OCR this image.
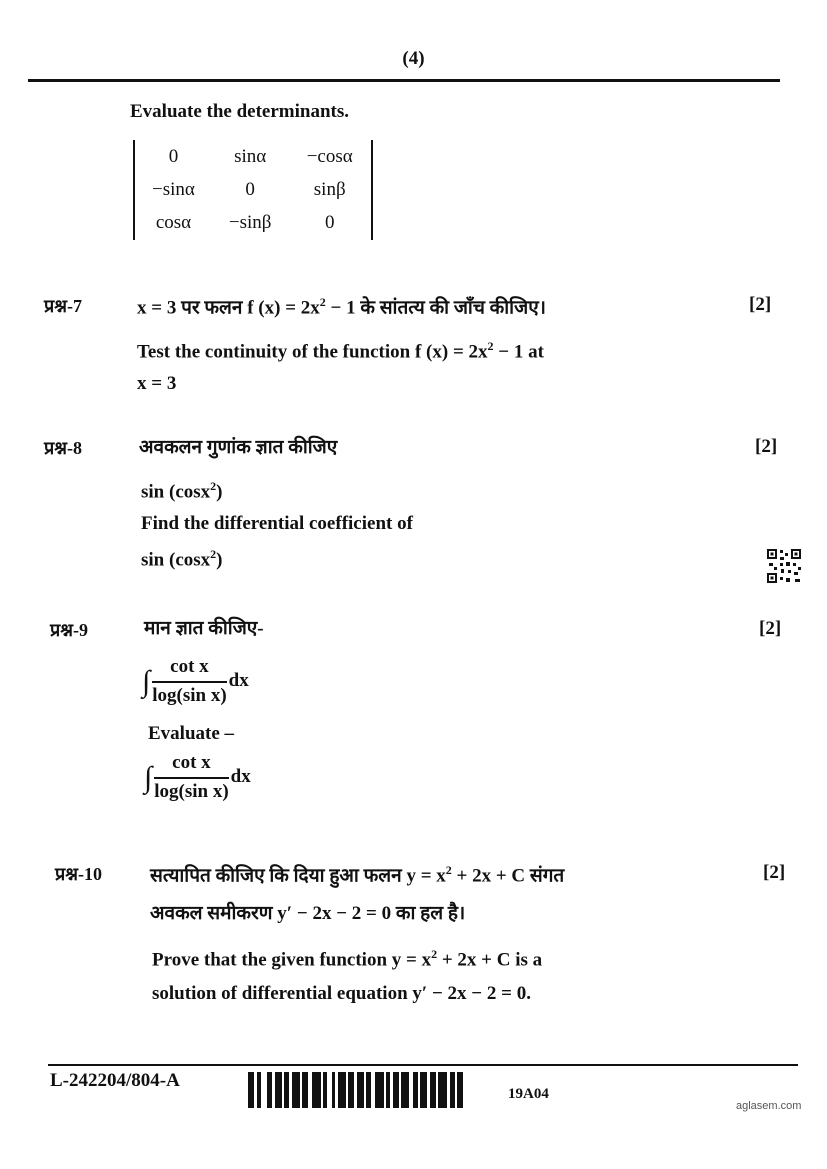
(4)
Evaluate the determinants.
0	sinα	−cosα
−sinα	0	sinβ
cosα	−sinβ	0
प्रश्न-7	[2]
x = 3 पर फलन f $(x) = 2x^2 - 1$ के सांतत्य की जाँच कीजिए।
Test the continuity of the function f $(x) = 2x^2 - 1$ at
x = 3
प्रश्न-8	[2]
अवकलन गुणांक ज्ञात कीजिए
sin (cosx$^2$)
Find the differential coefficient of
sin (cosx$^2$)
प्रश्न-9	[2]
मान ज्ञात कीजिए-
∫ $\frac{\text{cot x}}{\text{log(sin x)}}$ dx
Evaluate –
∫ $\frac{\text{cot x}}{\text{log(sin x)}}$ dx
प्रश्न-10	[2]
सत्यापित कीजिए कि दिया हुआ फलन $y = x^2 + 2x + C$ संगत
अवकल समीकरण y′ − 2x − 2 = 0 का हल है।
Prove that the given function $y = x^2 + 2x + C$ is a
solution of differential equation y′ − 2x − 2 = 0.
L-242204/804-A
19A04
aglasem.com
